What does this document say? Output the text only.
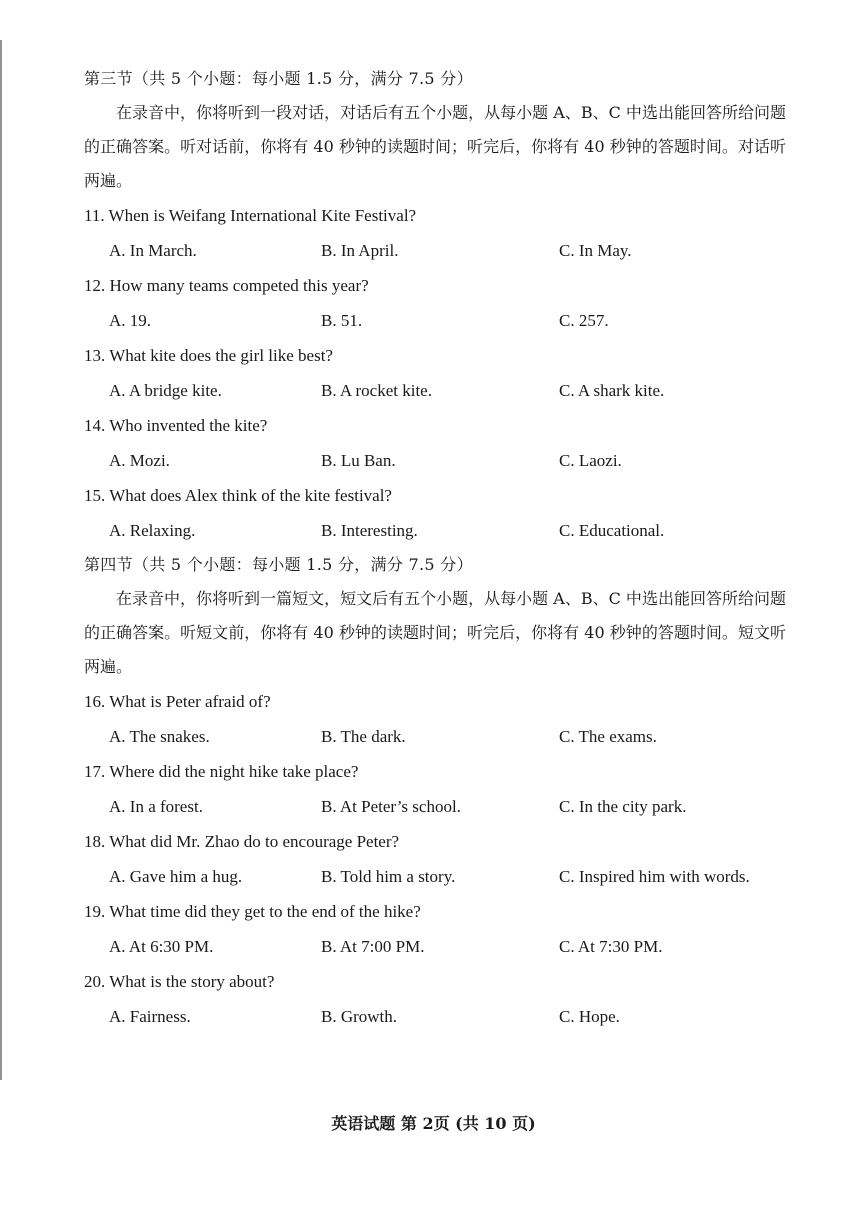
第三节（共 5 个小题：每小题 1.5 分，满分 7.5 分）

在录音中，你将听到一段对话，对话后有五个小题，从每小题 A、B、C 中选出能回答所给问题的正确答案。听对话前，你将有 40 秒钟的读题时间；听完后，你将有 40 秒钟的答题时间。对话听两遍。

11. When is Weifang International Kite Festival?
A. In March.	B. In April.	C. In May.
12. How many teams competed this year?
A. 19.	B. 51.	C. 257.
13. What kite does the girl like best?
A. A bridge kite.	B. A rocket kite.	C. A shark kite.
14. Who invented the kite?
A. Mozi.	B. Lu Ban.	C. Laozi.
15. What does Alex think of the kite festival?
A. Relaxing.	B. Interesting.	C. Educational.

第四节（共 5 个小题：每小题 1.5 分，满分 7.5 分）

在录音中，你将听到一篇短文，短文后有五个小题，从每小题 A、B、C 中选出能回答所给问题的正确答案。听短文前，你将有 40 秒钟的读题时间；听完后，你将有 40 秒钟的答题时间。短文听两遍。

16. What is Peter afraid of?
A. The snakes.	B. The dark.	C. The exams.
17. Where did the night hike take place?
A. In a forest.	B. At Peter’s school.	C. In the city park.
18. What did Mr. Zhao do to encourage Peter?
A. Gave him a hug.	B. Told him a story.	C. Inspired him with words.
19. What time did they get to the end of the hike?
A. At 6:30 PM.	B. At 7:00 PM.	C. At 7:30 PM.
20. What is the story about?
A. Fairness.	B. Growth.	C. Hope.
英语试题 第 2页 (共 10 页)
